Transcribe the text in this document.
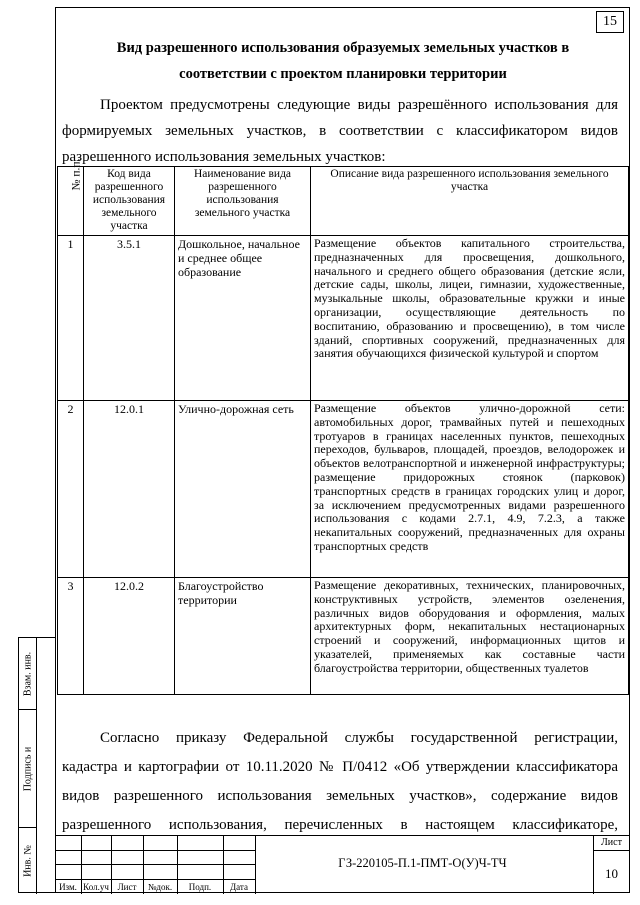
15
Вид разрешенного использования образуемых земельных участков в
соответствии с проектом планировки территории
Проектом предусмотрены следующие виды разрешённого использования для
формируемых земельных участков, в соответствии с классификатором видов
разрешенного использования земельных участков:
№ п.п.	Код вида разрешенного использования земельного участка	Наименование вида разрешенного использования земельного участка	Описание вида разрешенного использования земельного участка
1	3.5.1	Дошкольное, начальное и среднее общее образование	Размещение объектов капитального строительства, предназначенных для просвещения, дошкольного, начального и среднего общего образования (детские ясли, детские сады, школы, лицеи, гимназии, художественные, музыкальные школы, образовательные кружки и иные организации, осуществляющие деятельность по воспитанию, образованию и просвещению), в том числе зданий, спортивных сооружений, предназначенных для занятия обучающихся физической культурой и спортом
2	12.0.1	Улично-дорожная сеть	Размещение объектов улично-дорожной сети: автомобильных дорог, трамвайных путей и пешеходных тротуаров в границах населенных пунктов, пешеходных переходов, бульваров, площадей, проездов, велодорожек и объектов велотранспортной и инженерной инфраструктуры; размещение придорожных стоянок (парковок) транспортных средств в границах городских улиц и дорог, за исключением предусмотренных видами разрешенного использования с кодами 2.7.1, 4.9, 7.2.3, а также некапитальных сооружений, предназначенных для охраны транспортных средств
3	12.0.2	Благоустройство территории	Размещение декоративных, технических, планировочных, конструктивных устройств, элементов озеленения, различных видов оборудования и оформления, малых архитектурных форм, некапитальных нестационарных строений и сооружений, информационных щитов и указателей, применяемых как составные части благоустройства территории, общественных туалетов
Согласно приказу Федеральной службы государственной регистрации,
кадастра и картографии от 10.11.2020 № П/0412 «Об утверждении классификатора
видов разрешенного использования земельных участков», содержание видов
разрешенного использования, перечисленных в настоящем классификаторе,
Взам. инв.
Подпись и
Инв. №
Изм. Кол.уч Лист	№док.	Подп.	Дата
ГЗ-220105-П.1-ПМТ-О(У)Ч-ТЧ
Лист
10
